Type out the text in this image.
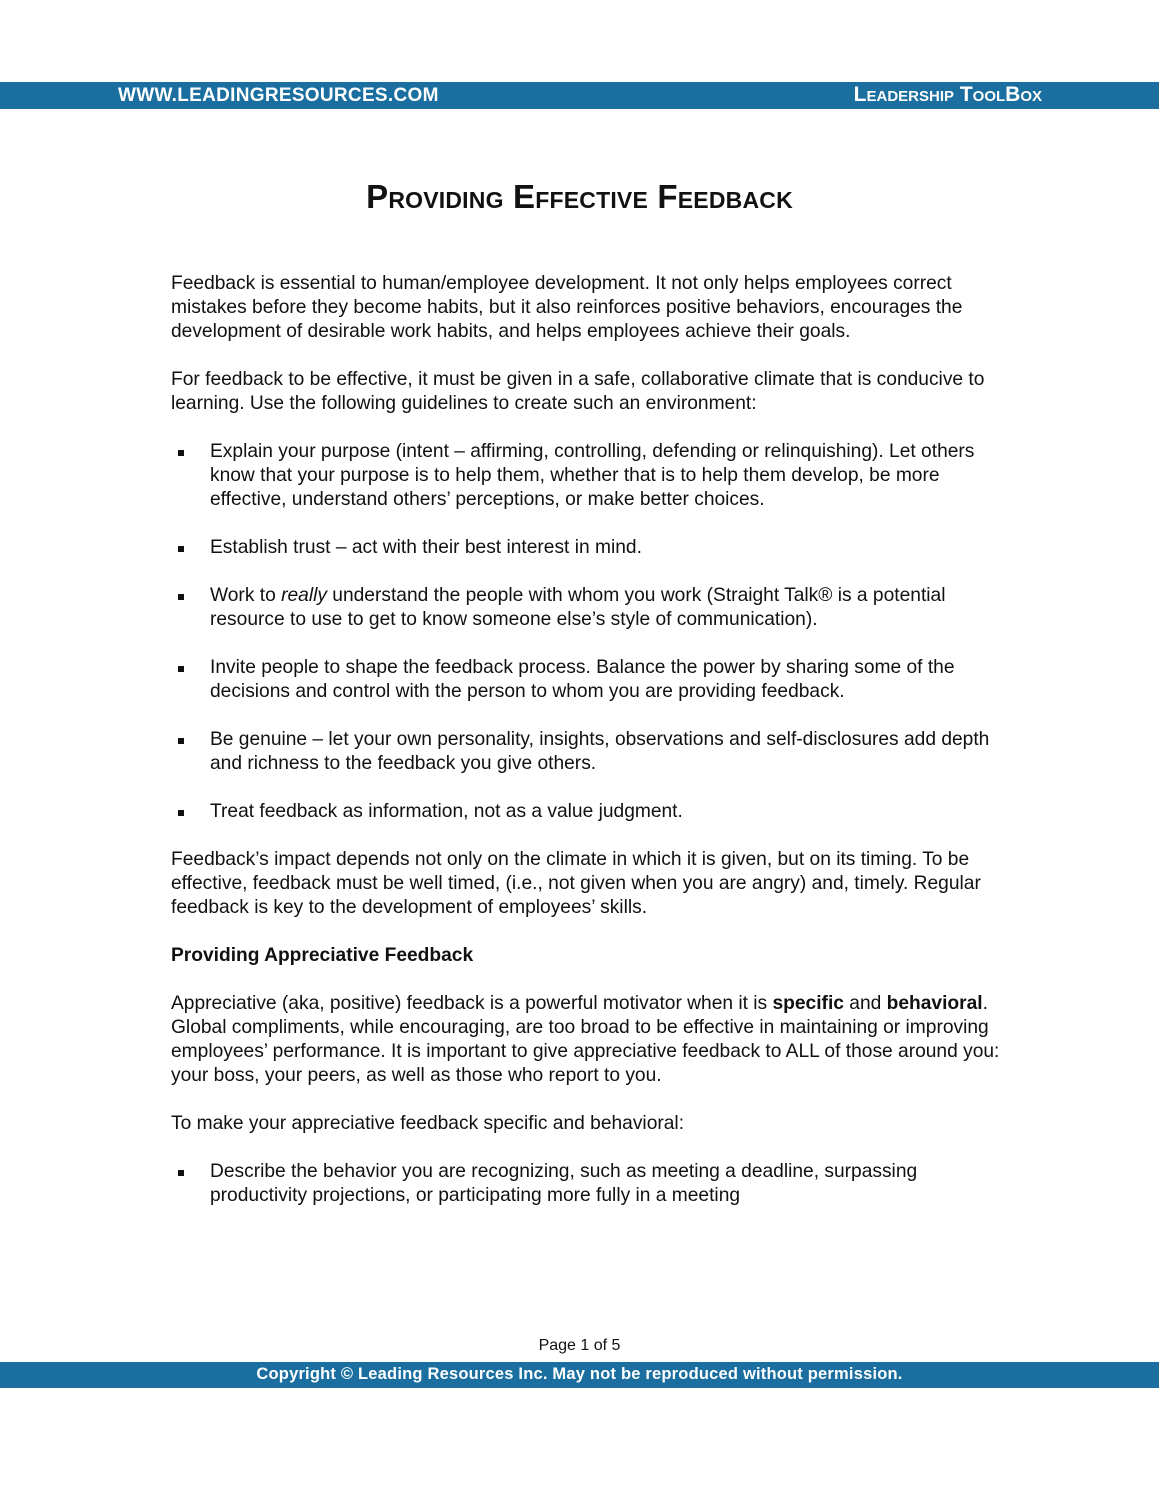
WWW.LEADINGRESOURCES.COM	Leadership ToolBox
Providing Effective Feedback

Feedback is essential to human/employee development. It not only helps employees correct mistakes before they become habits, but it also reinforces positive behaviors, encourages the development of desirable work habits, and helps employees achieve their goals.

For feedback to be effective, it must be given in a safe, collaborative climate that is conducive to learning. Use the following guidelines to create such an environment:

Explain your purpose (intent – affirming, controlling, defending or relinquishing). Let others know that your purpose is to help them, whether that is to help them develop, be more effective, understand others’ perceptions, or make better choices.
Establish trust – act with their best interest in mind.
Work to really understand the people with whom you work (Straight Talk® is a potential resource to use to get to know someone else’s style of communication).
Invite people to shape the feedback process. Balance the power by sharing some of the decisions and control with the person to whom you are providing feedback.
Be genuine – let your own personality, insights, observations and self-disclosures add depth and richness to the feedback you give others.
Treat feedback as information, not as a value judgment.

Feedback’s impact depends not only on the climate in which it is given, but on its timing. To be effective, feedback must be well timed, (i.e., not given when you are angry) and, timely. Regular feedback is key to the development of employees’ skills.

Providing Appreciative Feedback

Appreciative (aka, positive) feedback is a powerful motivator when it is specific and behavioral. Global compliments, while encouraging, are too broad to be effective in maintaining or improving employees’ performance. It is important to give appreciative feedback to ALL of those around you: your boss, your peers, as well as those who report to you.

To make your appreciative feedback specific and behavioral:

Describe the behavior you are recognizing, such as meeting a deadline, surpassing productivity projections, or participating more fully in a meeting
Page 1 of 5
Copyright © Leading Resources Inc. May not be reproduced without permission.
